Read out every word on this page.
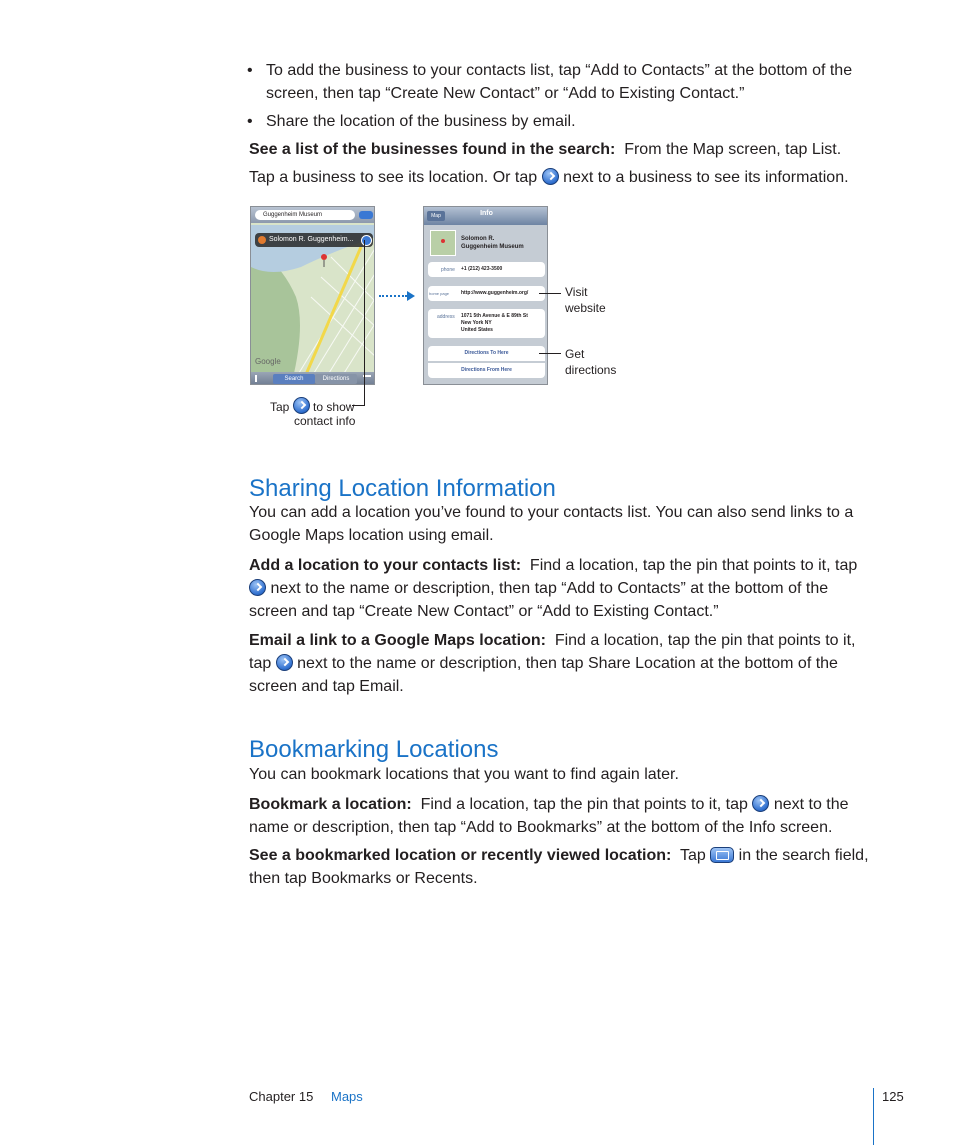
• To add the business to your contacts list, tap “Add to Contacts” at the bottom of the screen, then tap “Create New Contact” or “Add to Existing Contact.”
• Share the location of the business by email.
See a list of the businesses found in the search: From the Map screen, tap List.
Tap a business to see its location. Or tap next to a business to see its information.
Guggenheim Museum
Solomon R. Guggenheim...
Google
Search	Directions
Map	Info
Solomon R.
Guggenheim Museum
phone +1 (212) 423-3500
home page http://www.guggenheim.org/
address 1071 5th Avenue & E 89th St
New York NY
United States
Directions To Here
Directions From Here
Visit
website
Get
directions
Tap to show
contact info
Sharing Location Information
You can add a location you’ve found to your contacts list. You can also send links to a Google Maps location using email.
Add a location to your contacts list: Find a location, tap the pin that points to it, tap  next to the name or description, then tap “Add to Contacts” at the bottom of the screen and tap “Create New Contact” or “Add to Existing Contact.”
Email a link to a Google Maps location: Find a location, tap the pin that points to it, tap next to the name or description, then tap Share Location at the bottom of the screen and tap Email.
Bookmarking Locations
You can bookmark locations that you want to find again later.
Bookmark a location: Find a location, tap the pin that points to it, tap next to the name or description, then tap “Add to Bookmarks” at the bottom of the Info screen.
See a bookmarked location or recently viewed location: Tap in the search field, then tap Bookmarks or Recents.
Chapter 15 Maps	125
